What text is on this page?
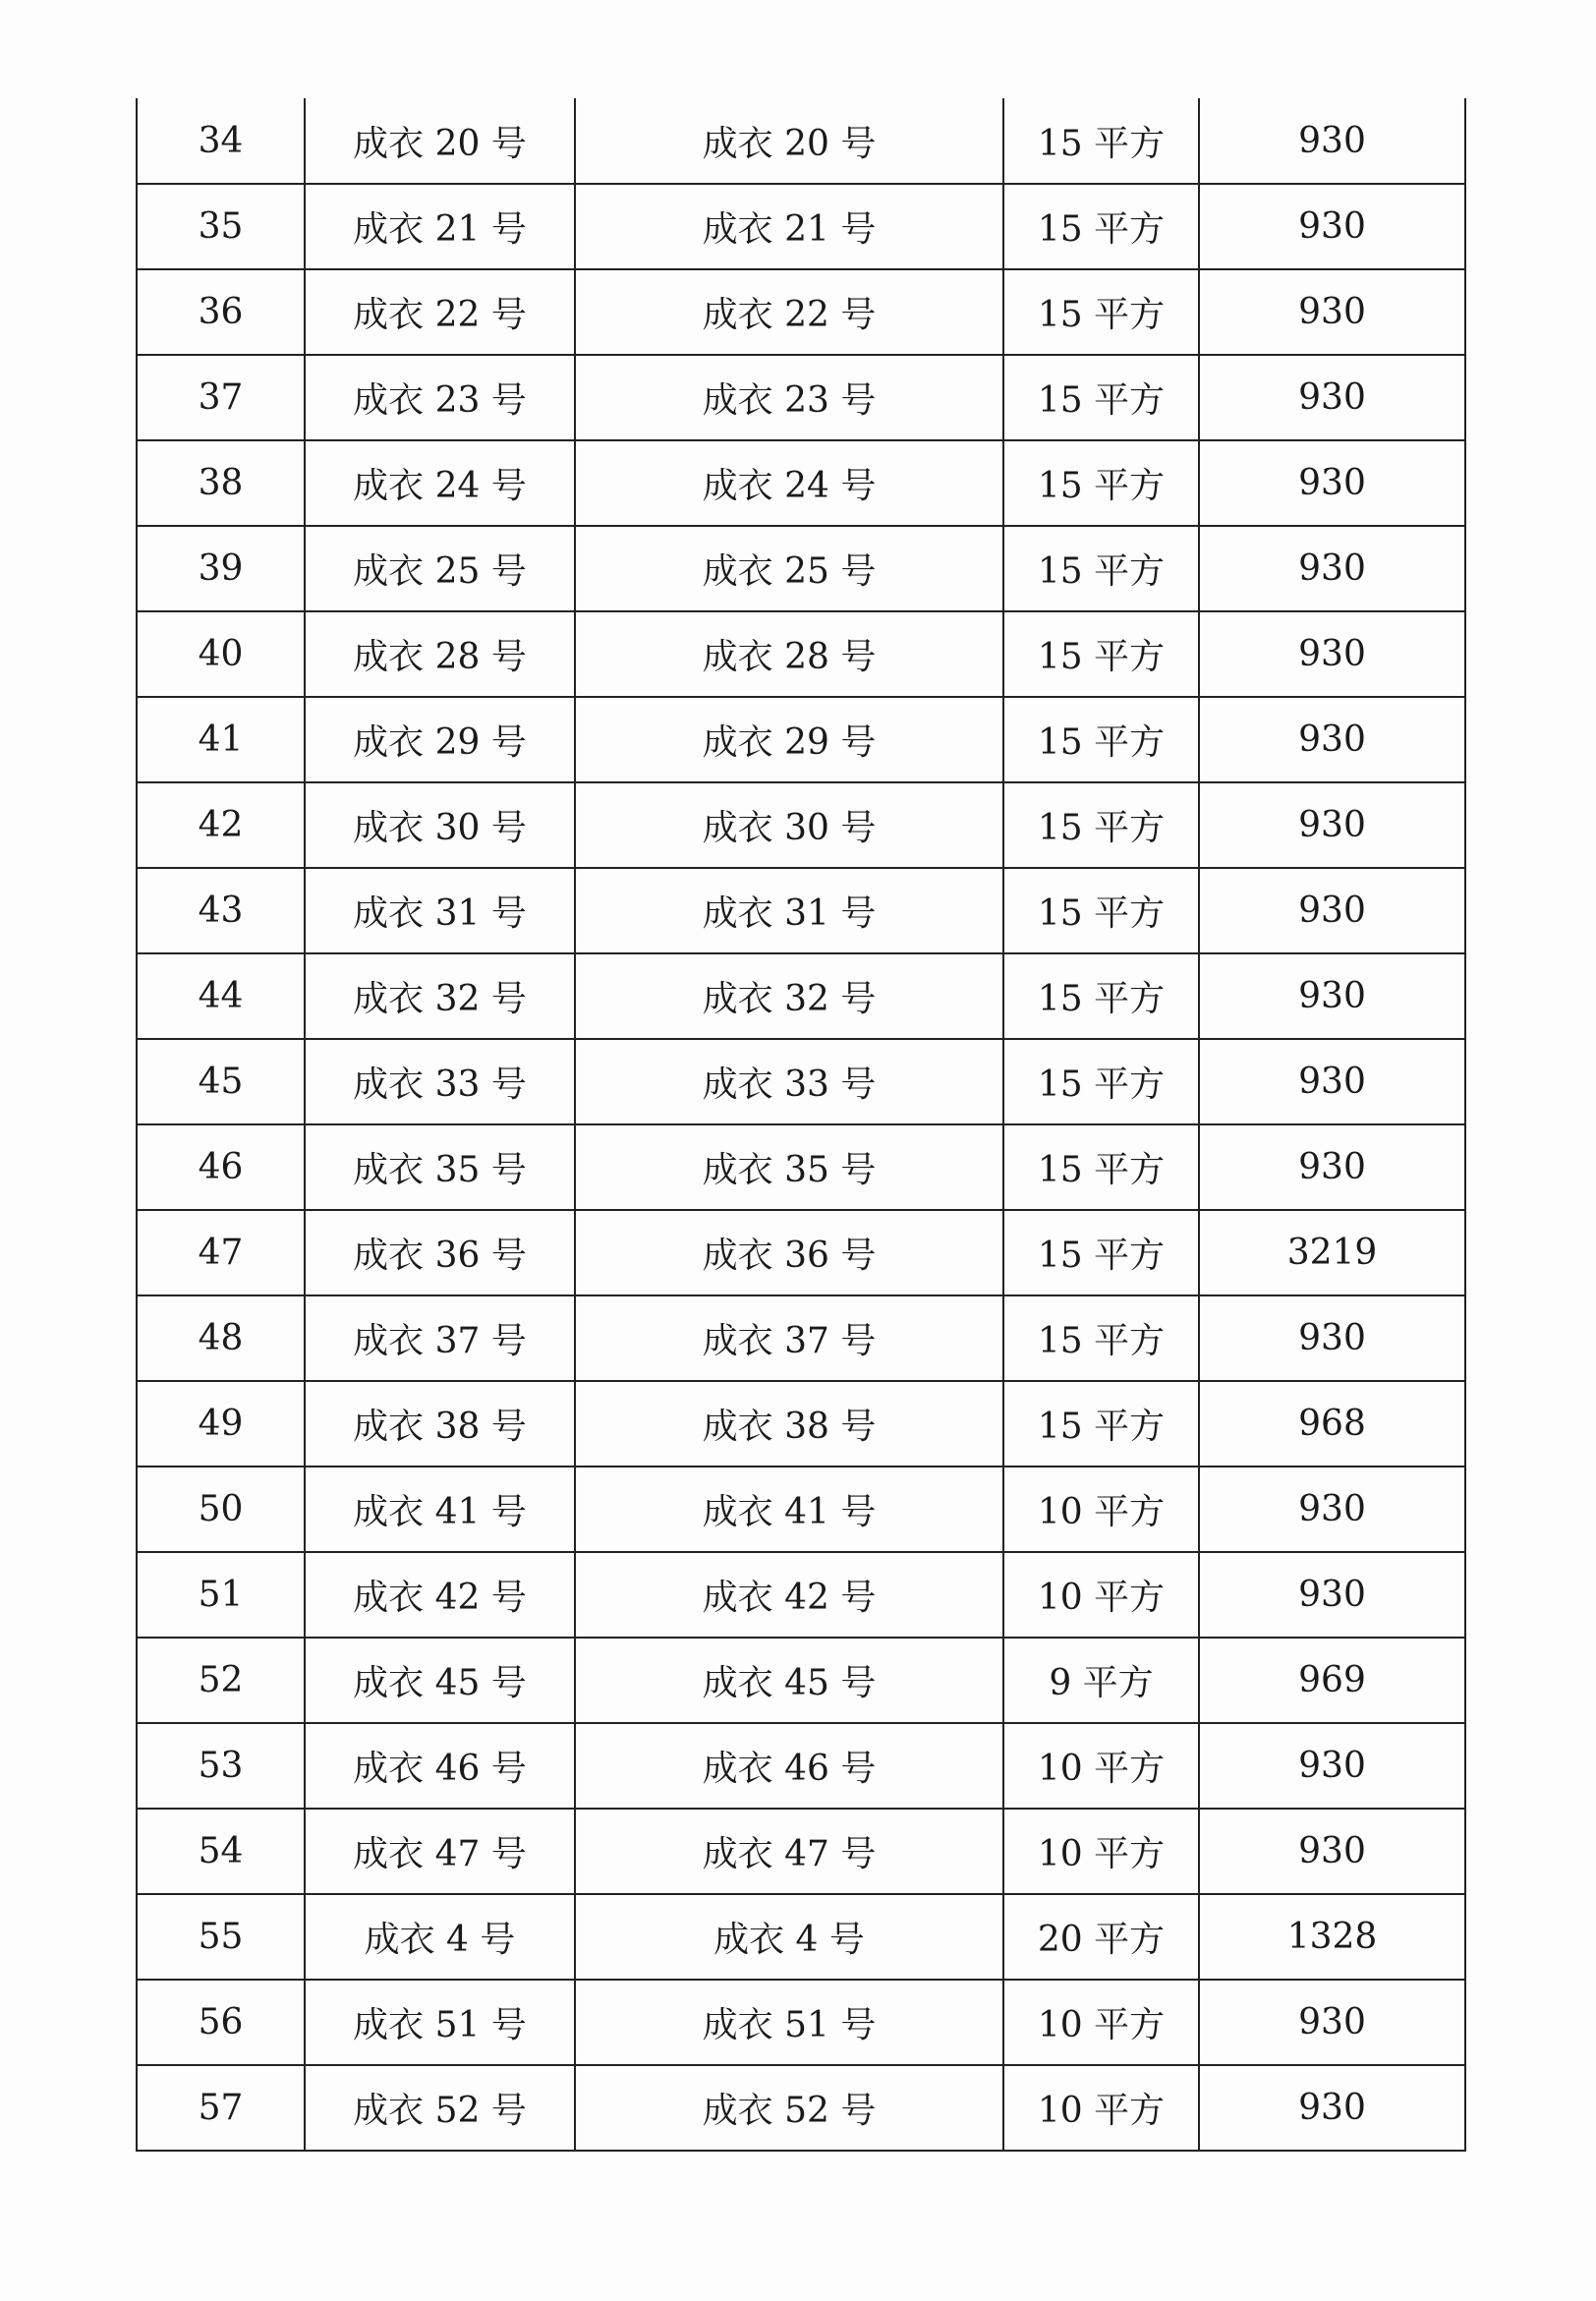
34	成衣 20 号	成衣 20 号	15 平方	930
35	成衣 21 号	成衣 21 号	15 平方	930
36	成衣 22 号	成衣 22 号	15 平方	930
37	成衣 23 号	成衣 23 号	15 平方	930
38	成衣 24 号	成衣 24 号	15 平方	930
39	成衣 25 号	成衣 25 号	15 平方	930
40	成衣 28 号	成衣 28 号	15 平方	930
41	成衣 29 号	成衣 29 号	15 平方	930
42	成衣 30 号	成衣 30 号	15 平方	930
43	成衣 31 号	成衣 31 号	15 平方	930
44	成衣 32 号	成衣 32 号	15 平方	930
45	成衣 33 号	成衣 33 号	15 平方	930
46	成衣 35 号	成衣 35 号	15 平方	930
47	成衣 36 号	成衣 36 号	15 平方	3219
48	成衣 37 号	成衣 37 号	15 平方	930
49	成衣 38 号	成衣 38 号	15 平方	968
50	成衣 41 号	成衣 41 号	10 平方	930
51	成衣 42 号	成衣 42 号	10 平方	930
52	成衣 45 号	成衣 45 号	9 平方	969
53	成衣 46 号	成衣 46 号	10 平方	930
54	成衣 47 号	成衣 47 号	10 平方	930
55	成衣 4 号	成衣 4 号	20 平方	1328
56	成衣 51 号	成衣 51 号	10 平方	930
57	成衣 52 号	成衣 52 号	10 平方	930
